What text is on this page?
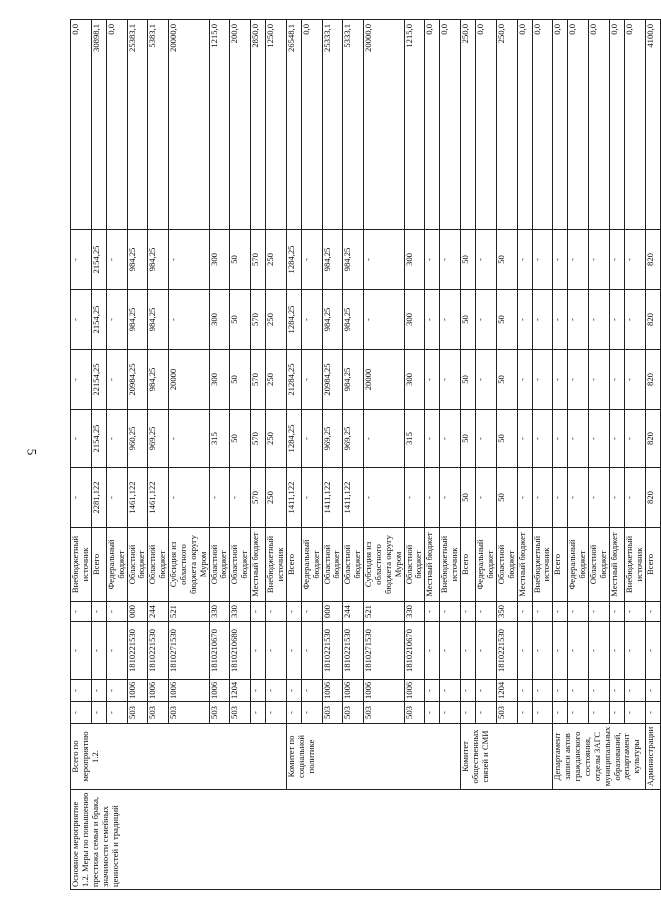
5
Основное мероприятие 1.2. Меры по повышению престижа семьи и брака, значимости семейных ценностей и традиций	Всего по мероприятию 1.2.	-	-	-	-	Внебюджетный источник	-	-	-	-	-	0,0
		-	-	-	-	Всего	2281,122	2154,25	22154,25	2154,25	2154,25	30898,1
		-	-	-	-	Федеральный бюджет	-	-	-	-	-	0,0
		503	1006	1810221530	000	Областной бюджет	1461,122	960,25	20984,25	984,25	984,25	25383,1
		503	1006	1810221530	244	Областной бюджет	1461,122	969,25	984,25	984,25	984,25	5383,1
		503	1006	1810271530	521	Субсидия из областного бюджета округу Муром	-	-	20000	-	-	20000,0
		503	1006	1810210670	330	Областной бюджет	-	315	300	300	300	1215,0
		503	1204	1810210680	330	Областной бюджет	-	50	50	50	50	200,0
		-	-	-	-	Местный бюджет	570	570	570	570	570	2850,0
		-	-	-	-	Внебюджетный источник	250	250	250	250	250	1250,0
	Комитет по социальной политике	-	-	-	-	Всего	1411,122	1284,25	21284,25	1284,25	1284,25	26548,1
		-	-	-	-	Федеральный бюджет	-	-	-	-	-	0,0
		503	1006	1810221530	000	Областной бюджет	1411,122	969,25	20984,25	984,25	984,25	25333,1
		503	1006	1810221530	244	Областной бюджет	1411,122	969,25	984,25	984,25	984,25	5333,1
		503	1006	1810271530	521	Субсидия из областного бюджета округу Муром	-	-	20000	-	-	20000,0
		503	1006	1810210670	330	Областной бюджет	-	315	300	300	300	1215,0
		-	-	-	-	Местный бюджет	-	-	-	-	-	0,0
		-	-	-	-	Внебюджетный источник	-	-	-	-	-	0,0
	Комитет общественных связей и СМИ	-	-	-	-	Всего	50	50	50	50	50	250,0
		-	-	-	-	Федеральный бюджет	-	-	-	-	-	0,0
		503	1204	1810221530	350	Областной бюджет	50	50	50	50	50	250,0
		-	-	-	-	Местный бюджет	-	-	-	-	-	0,0
		-	-	-	-	Внебюджетный источник	-	-	-	-	-	0,0
	Департамент записи актов гражданского состояния, отделы ЗАГС муниципальных образований, департамент культуры	-	-	-	-	Всего	-	-	-	-	-	0,0
		-	-	-	-	Федеральный бюджет	-	-	-	-	-	0,0
		-	-	-	-	Областной бюджет	-	-	-	-	-	0,0
		-	-	-	-	Местный бюджет	-	-	-	-	-	0,0
		-	-	-	-	Внебюджетный источник	-	-	-	-	-	0,0
	Администрации	-	-	-	-	Всего	820	820	820	820	820	4100,0
